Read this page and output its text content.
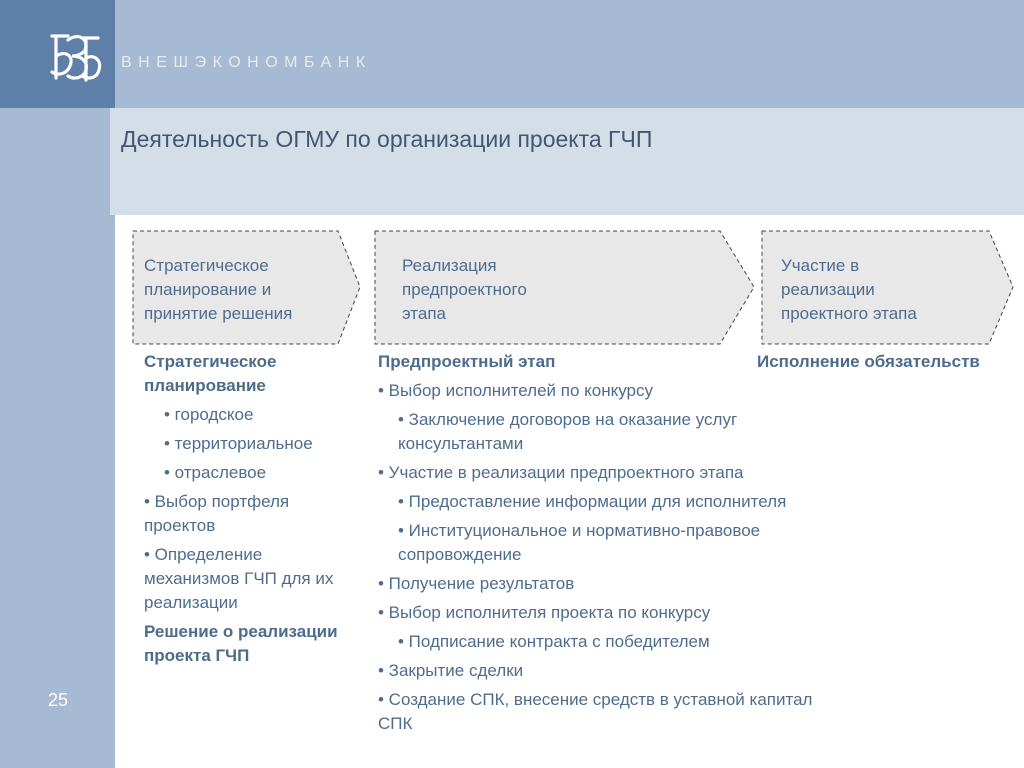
ВНЕШЭКОНОМБАНК
Деятельность ОГМУ по организации проекта ГЧП
25
Стратегическое
планирование и
принятие решения
Реализация
предпроектного
этапа
Участие в
реализации
проектного этапа
Стратегическое планирование
• городское
• территориальное
• отраслевое
• Выбор портфеля проектов
• Определение механизмов ГЧП для их реализации
Решение о реализации проекта ГЧП
Предпроектный этап
• Выбор исполнителей по конкурсу
• Заключение договоров на оказание услуг консультантами
• Участие в реализации предпроектного этапа
• Предоставление информации для исполнителя
• Институциональное и нормативно-правовое сопровождение
• Получение результатов
• Выбор исполнителя проекта по конкурсу
• Подписание контракта с победителем
• Закрытие сделки
• Создание СПК, внесение средств в уставной капитал СПК
Исполнение обязательств
